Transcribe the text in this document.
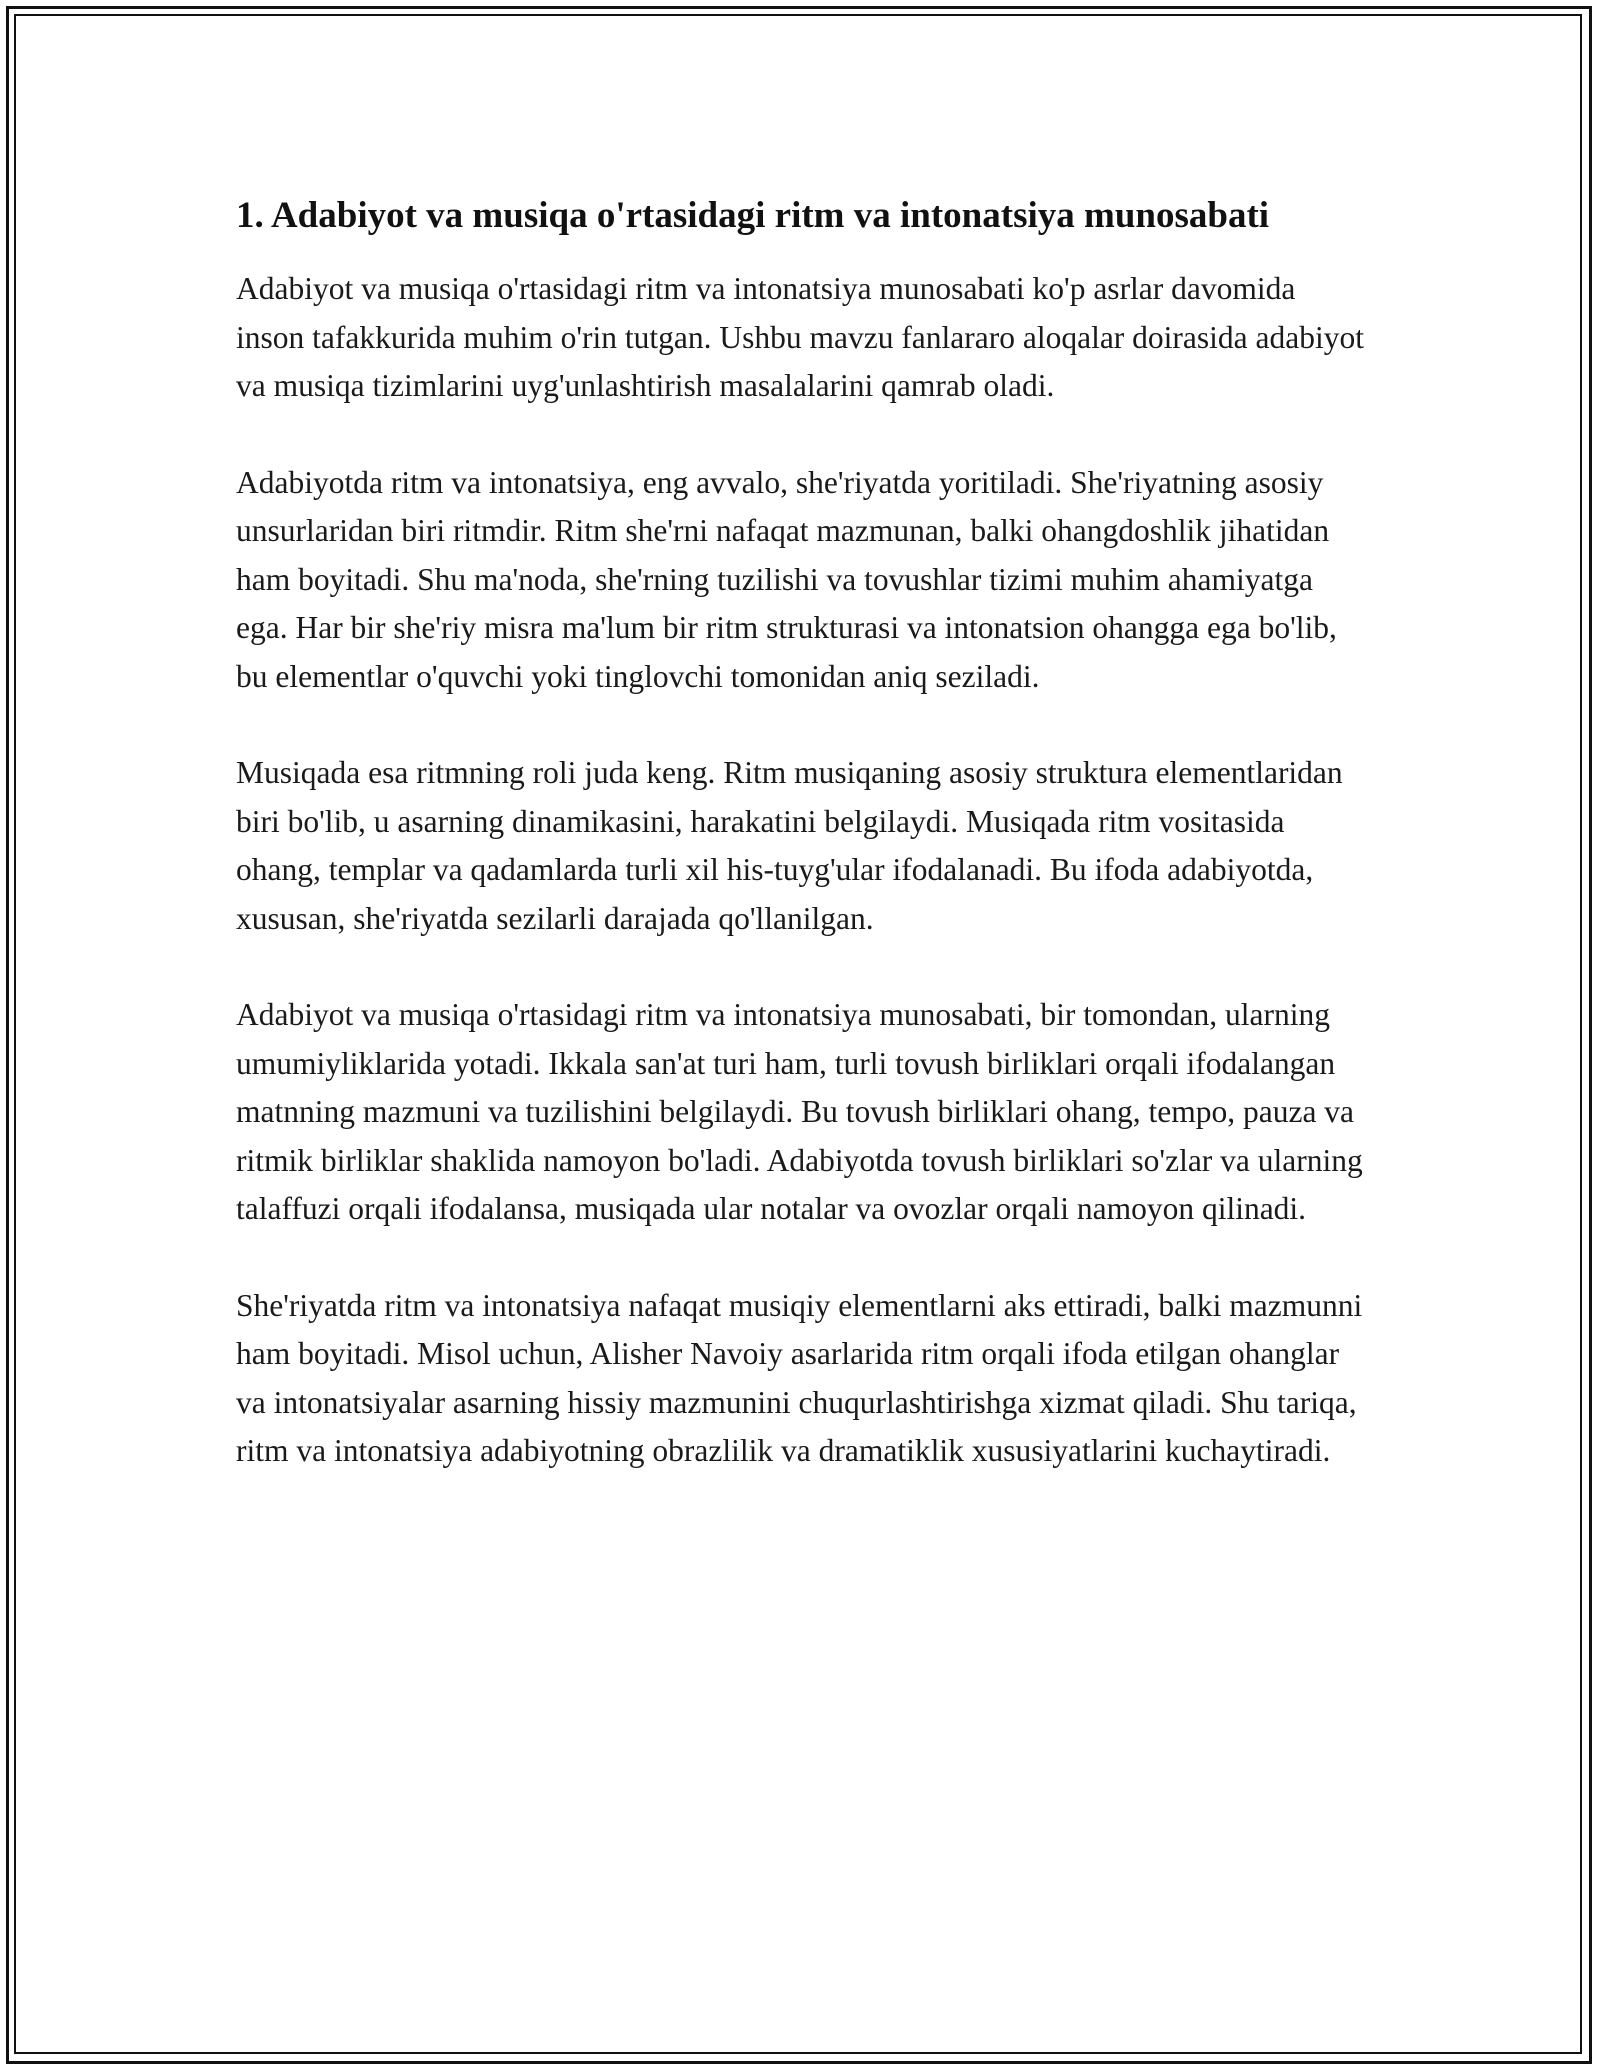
1. Adabiyot va musiqa o'rtasidagi ritm va intonatsiya munosabati

Adabiyot va musiqa o'rtasidagi ritm va intonatsiya munosabati ko'p asrlar davomida inson tafakkurida muhim o'rin tutgan. Ushbu mavzu fanlararo aloqalar doirasida adabiyot va musiqa tizimlarini uyg'unlashtirish masalalarini qamrab oladi.

Adabiyotda ritm va intonatsiya, eng avvalo, she'riyatda yoritiladi. She'riyatning asosiy unsurlaridan biri ritmdir. Ritm she'rni nafaqat mazmunan, balki ohangdoshlik jihatidan ham boyitadi. Shu ma'noda, she'rning tuzilishi va tovushlar tizimi muhim ahamiyatga ega. Har bir she'riy misra ma'lum bir ritm strukturasi va intonatsion ohangga ega bo'lib, bu elementlar o'quvchi yoki tinglovchi tomonidan aniq seziladi.

Musiqada esa ritmning roli juda keng. Ritm musiqaning asosiy struktura elementlaridan biri bo'lib, u asarning dinamikasini, harakatini belgilaydi. Musiqada ritm vositasida ohang, templar va qadamlarda turli xil his-tuyg'ular ifodalanadi. Bu ifoda adabiyotda, xususan, she'riyatda sezilarli darajada qo'llanilgan.

Adabiyot va musiqa o'rtasidagi ritm va intonatsiya munosabati, bir tomondan, ularning umumiyliklarida yotadi. Ikkala san'at turi ham, turli tovush birliklari orqali ifodalangan matnning mazmuni va tuzilishini belgilaydi. Bu tovush birliklari ohang, tempo, pauza va ritmik birliklar shaklida namoyon bo'ladi. Adabiyotda tovush birliklari so'zlar va ularning talaffuzi orqali ifodalansa, musiqada ular notalar va ovozlar orqali namoyon qilinadi.

She'riyatda ritm va intonatsiya nafaqat musiqiy elementlarni aks ettiradi, balki mazmunni ham boyitadi. Misol uchun, Alisher Navoiy asarlarida ritm orqali ifoda etilgan ohanglar va intonatsiyalar asarning hissiy mazmunini chuqurlashtirishga xizmat qiladi. Shu tariqa, ritm va intonatsiya adabiyotning obrazlilik va dramatiklik xususiyatlarini kuchaytiradi.
